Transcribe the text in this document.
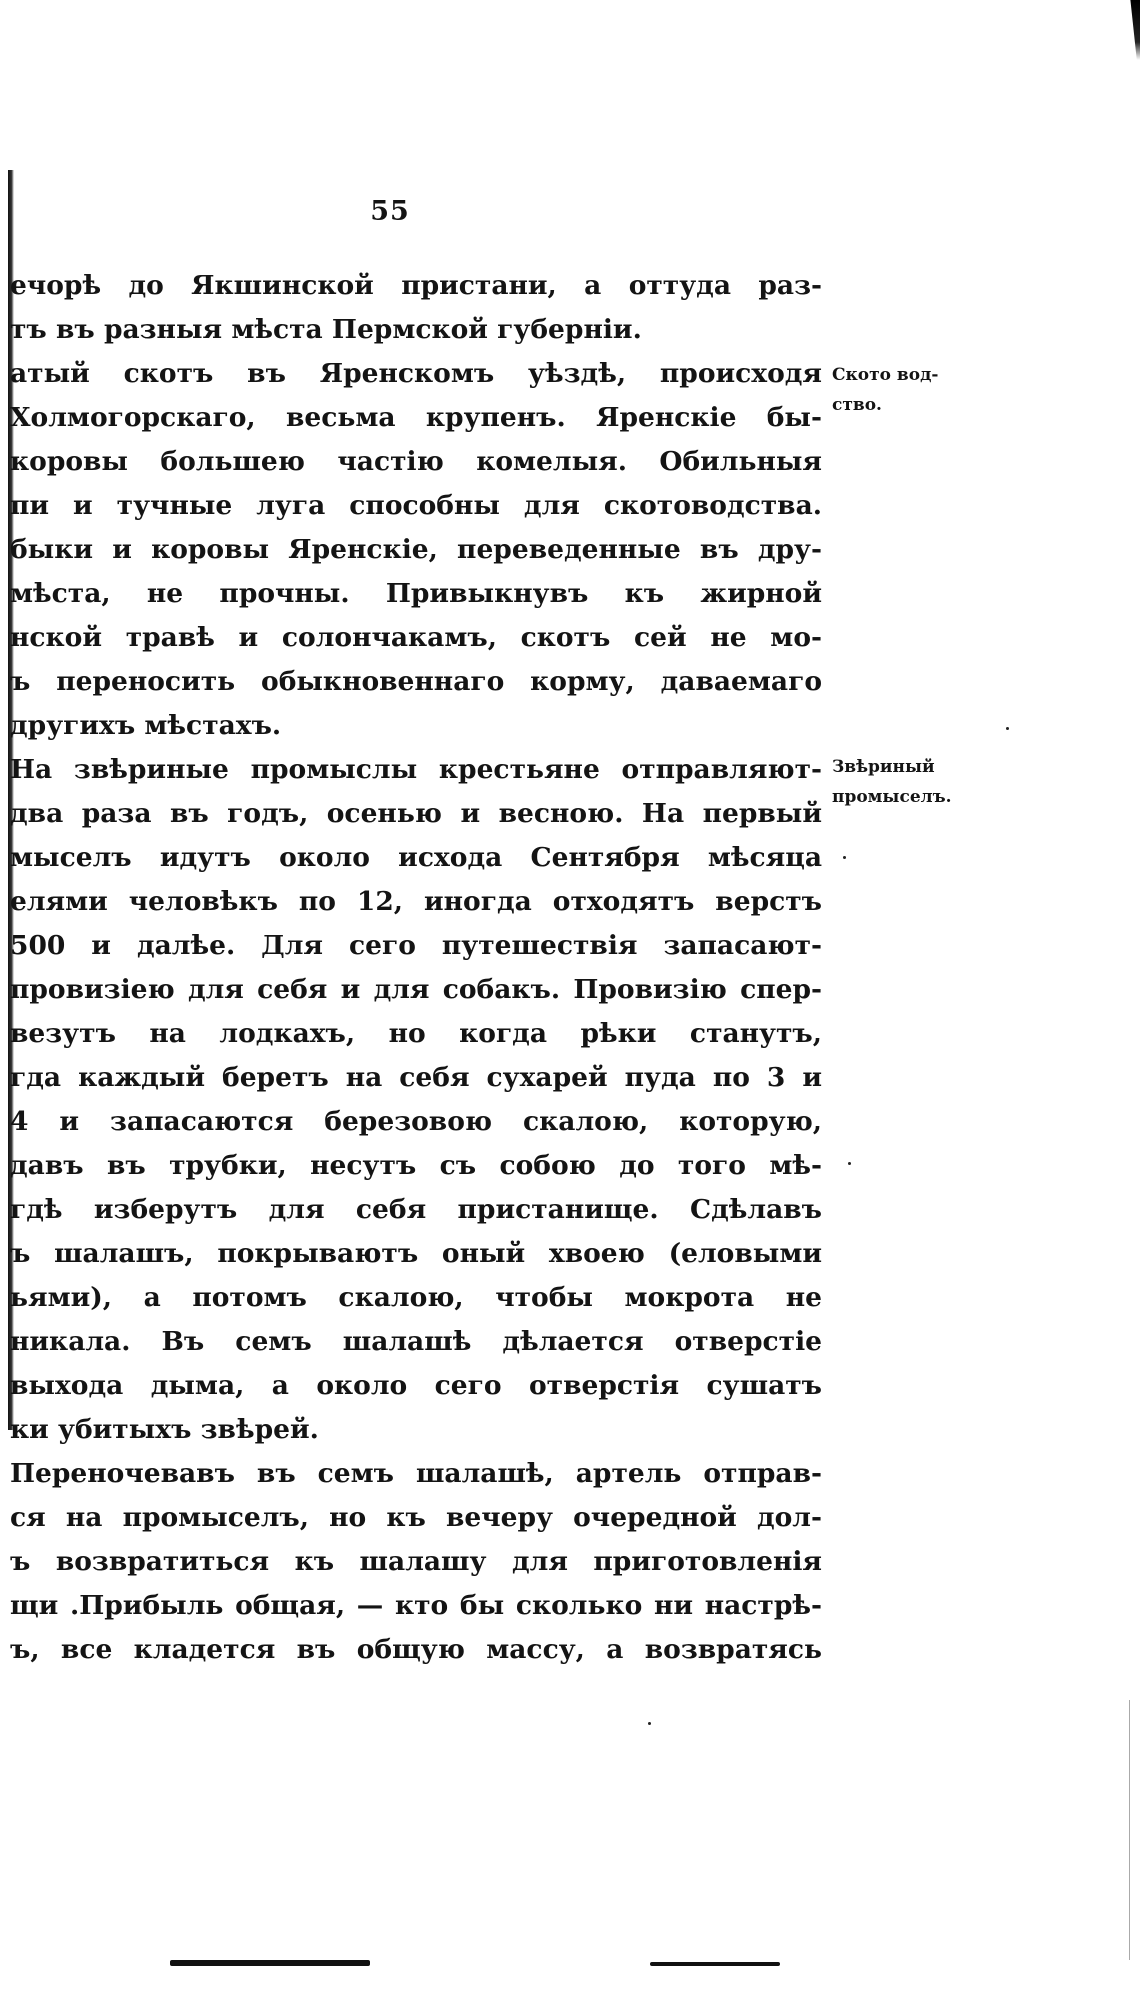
55
ечорѣ до Якшинской пристани, а оттуда раз-
тъ въ разныя мѣста Пермской губерніи.
атый скотъ въ Яренскомъ уѣздѣ, происходя
Холмогорскаго, весьма крупенъ. Яренскіе бы-
коровы большею частію комелыя. Обильныя
пи и тучные луга способны для скотоводства.
быки и коровы Яренскіе, переведенные въ дру-
мѣста, не прочны. Привыкнувъ къ жирной
нской травѣ и солончакамъ, скотъ сей не мо-
ъ переносить обыкновеннаго корму, даваемаго
другихъ мѣстахъ.
На звѣриные промыслы крестьяне отправляют-
два раза въ годъ, осенью и весною. На первый
мыселъ идутъ около исхода Сентября мѣсяца
елями человѣкъ по 12, иногда отходятъ верстъ
500 и далѣе. Для сего путешествія запасают-
провизіею для себя и для собакъ. Провизію спер-
везутъ на лодкахъ, но когда рѣки станутъ,
гда каждый беретъ на себя сухарей пуда по 3 и
4 и запасаются березовою скалою, которую,
давъ въ трубки, несутъ съ собою до того мѣ-
гдѣ изберутъ для себя пристанище. Сдѣлавъ
ъ шалашъ, покрываютъ оный хвоею (еловыми
ьями), а потомъ скалою, чтобы мокрота не
никала. Въ семъ шалашѣ дѣлается отверстіе
выхода дыма, а около сего отверстія сушатъ
ки убитыхъ звѣрей.
Переночевавъ въ семъ шалашѣ, артель отправ-
ся на промыселъ, но къ вечеру очередной дол-
ъ возвратиться къ шалашу для приготовленія
щи .Прибыль общая, — кто бы сколько ни настрѣ-
ъ, все кладется въ общую массу, а возвратясь
Ското вод-
ство.
Звѣриный
промыселъ.
